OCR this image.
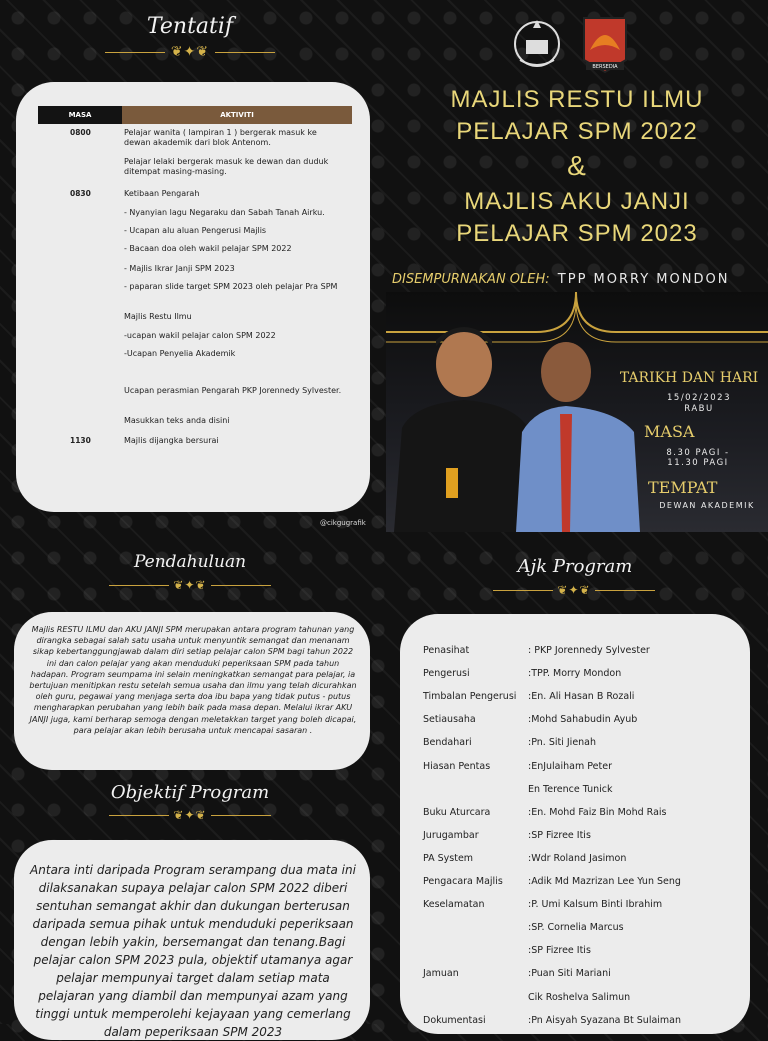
Tentatif
❦✦❦
MASA	AKTIVITI
0800	Pelajar wanita ( lampiran 1 ) bergerak masuk ke dewan akademik dari blok Antenom.
Pelajar lelaki bergerak masuk ke dewan dan duduk ditempat masing-masing.
0830	Ketibaan Pengarah
- Nyanyian lagu Negaraku dan Sabah Tanah Airku.
- Ucapan alu aluan Pengerusi Majlis
- Bacaan doa oleh wakil pelajar SPM 2022
- Majlis Ikrar Janji SPM 2023
- paparan slide target SPM 2023 oleh pelajar Pra SPM
Majlis Restu Ilmu
-ucapan wakil pelajar calon SPM 2022
-Ucapan Penyelia Akademik
Ucapan perasmian Pengarah PKP Jorennedy Sylvester.
Masukkan teks anda disini
1130	Majlis dijangka bersurai
BERSEDIA
MAJLIS RESTU ILMU
PELAJAR SPM 2022
&
MAJLIS AKU JANJI
PELAJAR SPM 2023
DISEMPURNAKAN OLEH: TPP MORRY MONDON
TARIKH DAN HARI
15/02/2023
RABU
MASA
8.30 PAGI -
11.30 PAGI
TEMPAT
DEWAN AKADEMIK
@cikgugrafik
Pendahuluan
❦✦❦
Majlis RESTU ILMU dan AKU JANJI SPM merupakan antara program tahunan yang dirangka sebagai salah satu usaha untuk menyuntik semangat dan menanam sikap kebertanggungjawab dalam diri setiap pelajar calon SPM bagi tahun 2022 ini dan calon pelajar yang akan menduduki peperiksaan SPM pada tahun hadapan. Program seumpama ini selain meningkatkan semangat para pelajar, ia bertujuan menitipkan restu setelah semua usaha dan ilmu yang telah dicurahkan oleh guru, pegawai yang menjaga serta doa ibu bapa yang tidak putus - putus mengharapkan perubahan yang lebih baik pada masa depan. Melalui ikrar AKU JANJI juga, kami berharap semoga dengan meletakkan target yang boleh dicapai, para pelajar akan lebih berusaha untuk mencapai sasaran .
Objektif Program
❦✦❦
Antara inti daripada Program serampang dua mata ini dilaksanakan supaya pelajar calon SPM 2022 diberi sentuhan semangat akhir dan dukungan berterusan daripada semua pihak untuk menduduki peperiksaan dengan lebih yakin, bersemangat dan tenang.Bagi pelajar calon SPM 2023 pula, objektif utamanya agar pelajar mempunyai target dalam setiap mata pelajaran yang diambil dan mempunyai azam yang tinggi untuk memperolehi kejayaan yang cemerlang dalam peperiksaan SPM 2023
Ajk Program
❦✦❦
Penasihat	: PKP Jorennedy Sylvester
Pengerusi	:TPP. Morry Mondon
Timbalan Pengerusi :En. Ali Hasan B Rozali
Setiausaha	:Mohd Sahabudin Ayub
Bendahari	:Pn. Siti Jienah
Hiasan Pentas	:EnJulaiham Peter
En Terence Tunick
Buku Aturcara	:En. Mohd Faiz Bin Mohd Rais
Jurugambar	:SP Fizree Itis
PA System	:Wdr Roland Jasimon
Pengacara Majlis	:Adik Md Mazrizan Lee Yun Seng
Keselamatan	:P. Umi Kalsum Binti Ibrahim
:SP. Cornelia Marcus
:SP Fizree Itis
Jamuan	:Puan Siti Mariani
Cik Roshelva Salimun
Dokumentasi	:Pn Aisyah Syazana Bt Sulaiman
